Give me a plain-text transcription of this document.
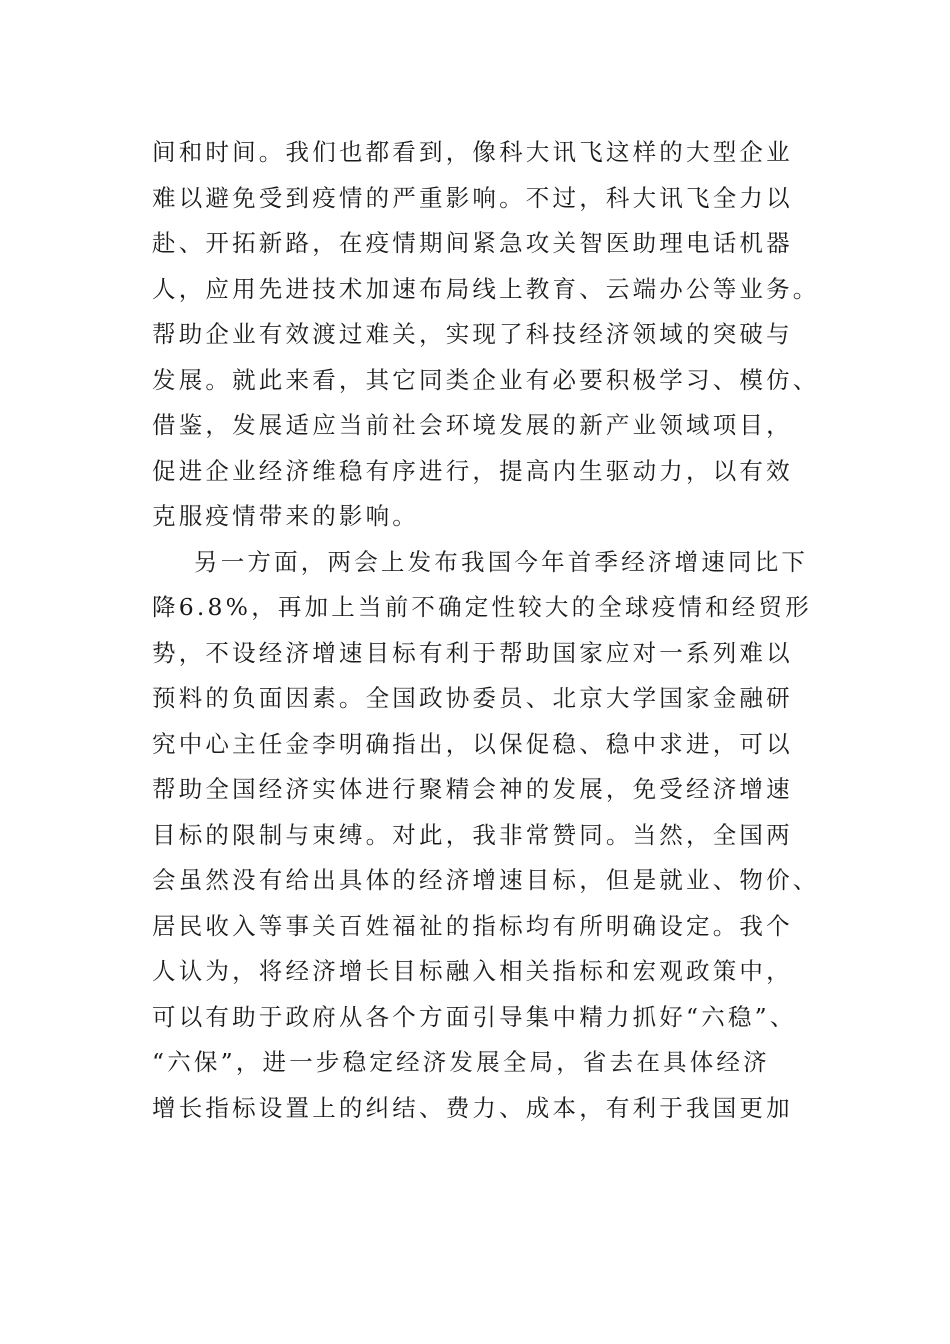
间和时间。我们也都看到，像科大讯飞这样的大型企业
难以避免受到疫情的严重影响。不过，科大讯飞全力以
赴、开拓新路，在疫情期间紧急攻关智医助理电话机器
人，应用先进技术加速布局线上教育、云端办公等业务。
帮助企业有效渡过难关，实现了科技经济领域的突破与
发展。就此来看，其它同类企业有必要积极学习、模仿、
借鉴，发展适应当前社会环境发展的新产业领域项目，
促进企业经济维稳有序进行，提高内生驱动力，以有效
克服疫情带来的影响。
另一方面，两会上发布我国今年首季经济增速同比下
降6.8%，再加上当前不确定性较大的全球疫情和经贸形
势，不设经济增速目标有利于帮助国家应对一系列难以
预料的负面因素。全国政协委员、北京大学国家金融研
究中心主任金李明确指出，以保促稳、稳中求进，可以
帮助全国经济实体进行聚精会神的发展，免受经济增速
目标的限制与束缚。对此，我非常赞同。当然，全国两
会虽然没有给出具体的经济增速目标，但是就业、物价、
居民收入等事关百姓福祉的指标均有所明确设定。我个
人认为，将经济增长目标融入相关指标和宏观政策中，
可以有助于政府从各个方面引导集中精力抓好“六稳”、
“六保”，进一步稳定经济发展全局，省去在具体经济
增长指标设置上的纠结、费力、成本，有利于我国更加
